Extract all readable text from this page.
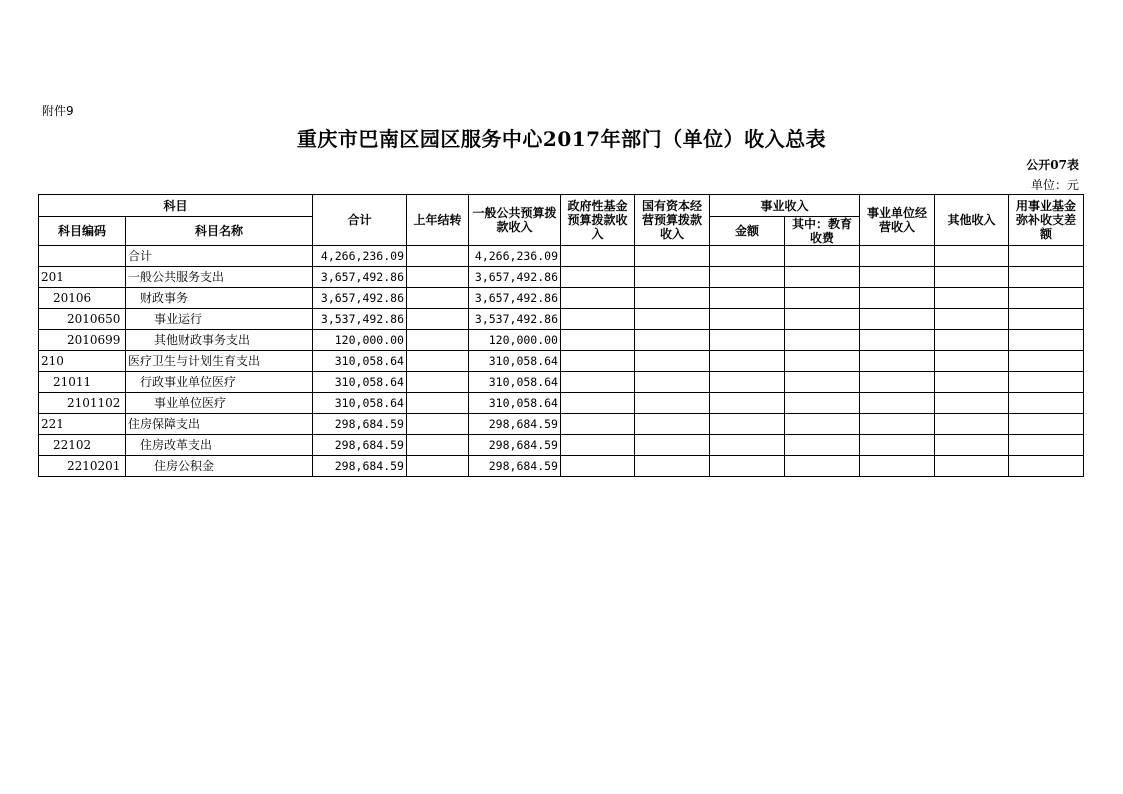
附件9
重庆市巴南区园区服务中心2017年部门（单位）收入总表
公开07表
单位：元
科目		合计	上年结转	一般公共预算拨款收入	政府性基金预算拨款收入	国有资本经营预算拨款收入	事业收入		事业单位经营收入	其他收入	用事业基金弥补收支差额
科目编码	科目名称						金额	其中：教育收费			
	合计	4,266,236.09		4,266,236.09							
201	一般公共服务支出	3,657,492.86		3,657,492.86							
20106	财政事务	3,657,492.86		3,657,492.86							
2010650	事业运行	3,537,492.86		3,537,492.86							
2010699	其他财政事务支出	120,000.00		120,000.00							
210	医疗卫生与计划生育支出	310,058.64		310,058.64							
21011	行政事业单位医疗	310,058.64		310,058.64							
2101102	事业单位医疗	310,058.64		310,058.64							
221	住房保障支出	298,684.59		298,684.59							
22102	住房改革支出	298,684.59		298,684.59							
2210201	住房公积金	298,684.59		298,684.59							
